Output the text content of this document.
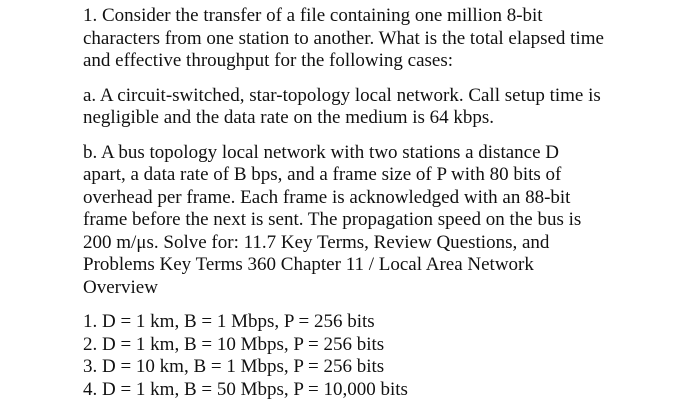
1. Consider the transfer of a file containing one million 8-bit
characters from one station to another. What is the total elapsed time
and effective throughput for the following cases:

a. A circuit-switched, star-topology local network. Call setup time is
negligible and the data rate on the medium is 64 kbps.

b. A bus topology local network with two stations a distance D
apart, a data rate of B bps, and a frame size of P with 80 bits of
overhead per frame. Each frame is acknowledged with an 88-bit
frame before the next is sent. The propagation speed on the bus is
200 m/μs. Solve for: 11.7 Key Terms, Review Questions, and
Problems Key Terms 360 Chapter 11 / Local Area Network
Overview

1. D = 1 km, B = 1 Mbps, P = 256 bits
2. D = 1 km, B = 10 Mbps, P = 256 bits
3. D = 10 km, B = 1 Mbps, P = 256 bits
4. D = 1 km, B = 50 Mbps, P = 10,000 bits
